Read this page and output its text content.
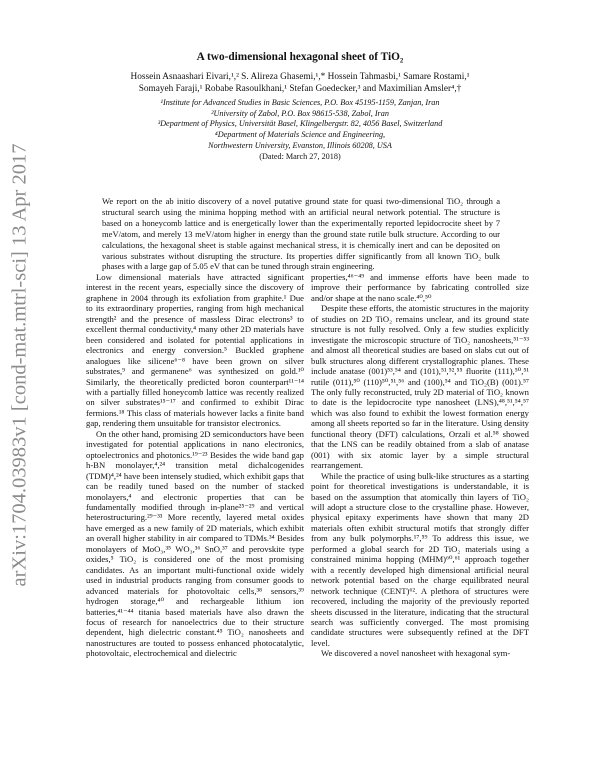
arXiv:1704.03983v1 [cond-mat.mtrl-sci] 13 Apr 2017
A two-dimensional hexagonal sheet of TiO₂
Hossein Asnaashari Eivari,¹,² S. Alireza Ghasemi,¹,* Hossein Tahmasbi,¹ Samare Rostami,¹
Somayeh Faraji,¹ Robabe Rasoulkhani,¹ Stefan Goedecker,³ and Maximilian Amsler⁴,†
¹Institute for Advanced Studies in Basic Sciences, P.O. Box 45195-1159, Zanjan, Iran
²University of Zabol, P.O. Box 98615-538, Zabol, Iran
³Department of Physics, Universität Basel, Klingelbergstr. 82, 4056 Basel, Switzerland
⁴Department of Materials Science and Engineering,
Northwestern University, Evanston, Illinois 60208, USA
(Dated: March 27, 2018)
We report on the ab initio discovery of a novel putative ground state for quasi two-dimensional TiO₂ through a structural search using the minima hopping method with an artificial neural network potential. The structure is based on a honeycomb lattice and is energetically lower than the experimentally reported lepidocrocite sheet by 7 meV/atom, and merely 13 meV/atom higher in energy than the ground state rutile bulk structure. According to our calculations, the hexagonal sheet is stable against mechanical stress, it is chemically inert and can be deposited on various substrates without disrupting the structure. Its properties differ significantly from all known TiO₂ bulk phases with a large gap of 5.05 eV that can be tuned through strain engineering.

Low dimensional materials have attracted significant interest in the recent years, especially since the discovery of graphene in 2004 through its exfoliation from graphite.¹ Due to its extraordinary properties, ranging from high mechanical strength² and the presence of massless Dirac electrons³ to excellent thermal conductivity,⁴ many other 2D materials have been considered and isolated for potential applications in electronics and energy conversion.⁵ Buckled graphene analogues like silicene⁶⁻⁸ have been grown on silver substrates,⁹ and germanene⁶ was synthesized on gold.¹⁰ Similarly, the theoretically predicted boron counterpart¹¹⁻¹⁴ with a partially filled honeycomb lattice was recently realized on silver substrates¹⁵⁻¹⁷ and confirmed to exhibit Dirac fermions.¹⁸ This class of materials however lacks a finite band gap, rendering them unsuitable for transistor electronics.

On the other hand, promising 2D semiconductors have been investigated for potential applications in nano electronics, optoelectronics and photonics.¹⁹⁻²³ Besides the wide band gap h-BN monolayer,⁴,²⁴ transition metal dichalcogenides (TDM)⁴,²⁴ have been intensely studied, which exhibit gaps that can be readily tuned based on the number of stacked monolayers,⁴ and electronic properties that can be fundamentally modified through in-plane²⁵⁻²⁹ and vertical heterostructuring.²⁹⁻³³ More recently, layered metal oxides have emerged as a new family of 2D materials, which exhibit an overall higher stability in air compared to TDMs.³⁴ Besides monolayers of MoO₃,³⁵ WO₃,³⁶ SnO,³⁷ and perovskite type oxides,⁵ TiO₂ is considered one of the most promising candidates. As an important multi-functional oxide widely used in industrial products ranging from consumer goods to advanced materials for photovoltaic cells,³⁸ sensors,³⁹ hydrogen storage,⁴⁰ and rechargeable lithium ion batteries,⁴¹⁻⁴⁴ titania based materials have also drawn the focus of research for nanoelectrics due to their structure dependent, high dielectric constant.⁴⁵ TiO₂ nanosheets and nanostructures are touted to possess enhanced photocatalytic, photovoltaic, electrochemical and dielectric

properties,⁴⁶⁻⁴⁹ and immense efforts have been made to improve their performance by fabricating controlled size and/or shape at the nano scale.⁴⁰,⁵⁰

Despite these efforts, the atomistic structures in the majority of studies on 2D TiO₂ remains unclear, and its ground state structure is not fully resolved. Only a few studies explicitly investigate the microscopic structure of TiO₂ nanosheets,⁵¹⁻⁵³ and almost all theoretical studies are based on slabs cut out of bulk structures along different crystallographic planes. These include anatase (001)⁵³,⁵⁴ and (101),⁵¹,⁵²,⁵⁵ fluorite (111),⁵⁰,⁵¹ rutile (011),⁵⁰ (110)⁵⁰,⁵¹,⁵⁶ and (100),⁵⁴ and TiO₂(B) (001).⁵⁷ The only fully reconstructed, truly 2D material of TiO₂ known to date is the lepidocrocite type nanosheet (LNS),⁴⁸,⁵¹,⁵⁴,⁵⁷ which was also found to exhibit the lowest formation energy among all sheets reported so far in the literature. Using density functional theory (DFT) calculations, Orzali et al.⁵⁸ showed that the LNS can be readily obtained from a slab of anatase (001) with six atomic layer by a simple structural rearrangement.

While the practice of using bulk-like structures as a starting point for theoretical investigations is understandable, it is based on the assumption that atomically thin layers of TiO₂ will adopt a structure close to the crystalline phase. However, physical epitaxy experiments have shown that many 2D materials often exhibit structural motifs that strongly differ from any bulk polymorphs.¹⁷,⁵⁹ To address this issue, we performed a global search for 2D TiO₂ materials using a constrained minima hopping (MHM)⁶⁰,⁶¹ approach together with a recently developed high dimensional artificial neural network potential based on the charge equilibrated neural network technique (CENT)⁶². A plethora of structures were recovered, including the majority of the previously reported sheets discussed in the literature, indicating that the structural search was sufficiently converged. The most promising candidate structures were subsequently refined at the DFT level.

We discovered a novel nanosheet with hexagonal sym-
